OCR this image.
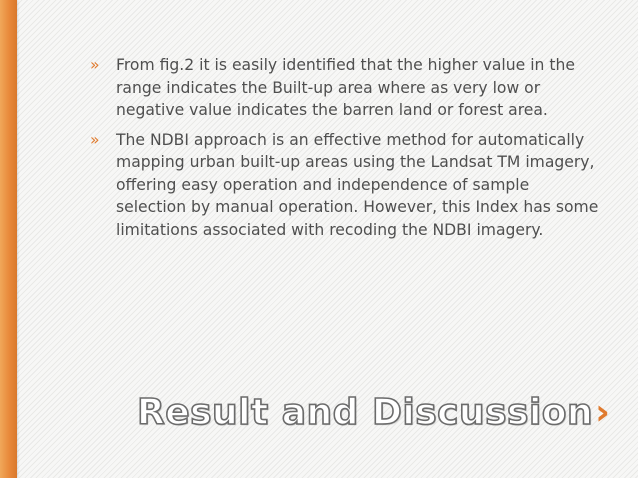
» From fig.2 it is easily identified that the higher value in the range indicates the Built-up area where as very low or negative value indicates the barren land or forest area.
» The NDBI approach is an effective method for automatically mapping urban built-up areas using the Landsat TM imagery, offering easy operation and independence of sample selection by manual operation. However, this Index has some limitations associated with recoding the NDBI imagery.
Result and Discussion ›
